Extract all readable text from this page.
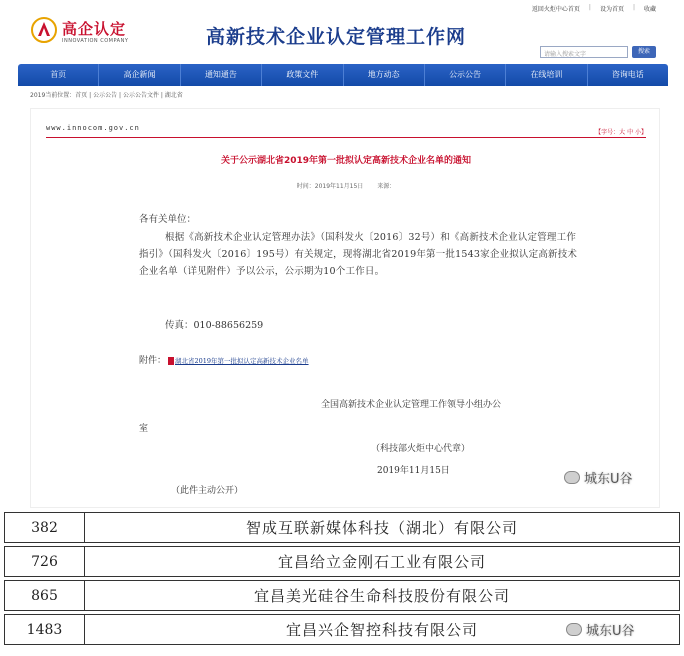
返回火炬中心首页 | 设为首页 | 收藏
高企认定
INNOVATION COMPANY	高新技术企业认定管理工作网
请输入搜索文字	搜索
首页	高企新闻	通知通告	政策文件	地方动态	公示公告	在线培训	咨询电话
2019当前位置：首页 | 公示公告 | 公示公告文件 | 湖北省
www.innocom.gov.cn
【字号：大 中 小】
关于公示湖北省2019年第一批拟认定高新技术企业名单的通知
时间：2019年11月15日 来源：
各有关单位：
根据《高新技术企业认定管理办法》（国科发火〔2016〕32号）和《高新技术企业认定管理工作指引》（国科发火〔2016〕195号）有关规定，现将湖北省2019年第一批1543家企业拟认定高新技术企业名单（详见附件）予以公示，公示期为10个工作日。
传真：010-88656259
附件： 湖北省2019年第一批拟认定高新技术企业名单
全国高新技术企业认定管理工作领导小组办公
室
（科技部火炬中心代章）
2019年11月15日
（此件主动公开）
城东U谷
382	智成互联新媒体科技（湖北）有限公司

726	宜昌给立金刚石工业有限公司

865	宜昌美光硅谷生命科技股份有限公司

1483	宜昌兴企智控科技有限公司	城东U谷
